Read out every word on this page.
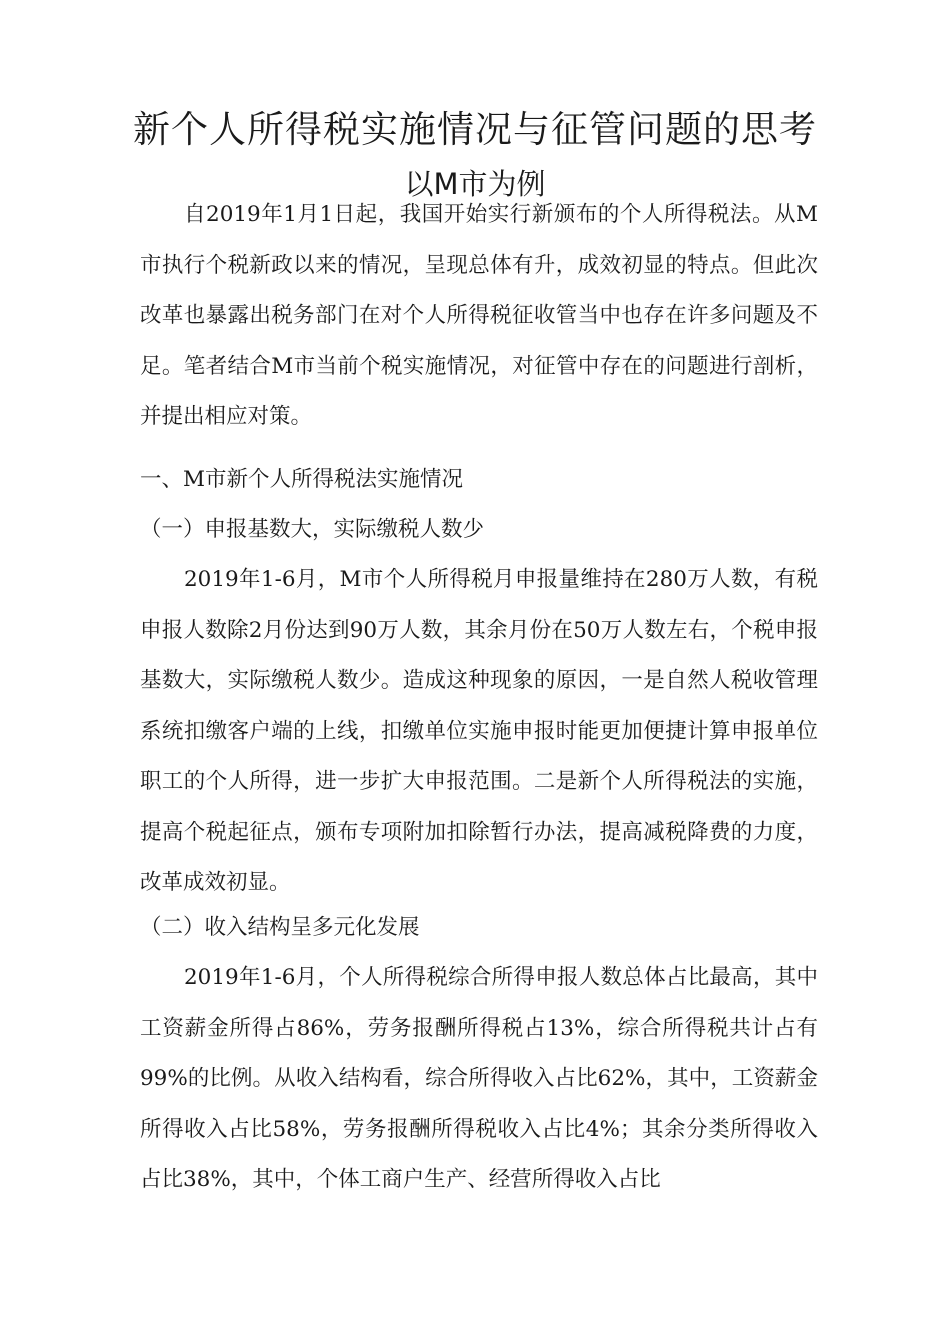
新个人所得税实施情况与征管问题的思考
以M市为例

自2019年1月1日起，我国开始实行新颁布的个人所得税法。从M市执行个税新政以来的情况，呈现总体有升，成效初显的特点。但此次改革也暴露出税务部门在对个人所得税征收管当中也存在许多问题及不足。笔者结合M市当前个税实施情况，对征管中存在的问题进行剖析，并提出相应对策。

一、M市新个人所得税法实施情况
（一）申报基数大，实际缴税人数少

2019年1-6月，M市个人所得税月申报量维持在280万人数，有税申报人数除2月份达到90万人数，其余月份在50万人数左右，个税申报基数大，实际缴税人数少。造成这种现象的原因，一是自然人税收管理系统扣缴客户端的上线，扣缴单位实施申报时能更加便捷计算申报单位职工的个人所得，进一步扩大申报范围。二是新个人所得税法的实施，提高个税起征点，颁布专项附加扣除暂行办法，提高减税降费的力度，改革成效初显。

（二）收入结构呈多元化发展

2019年1-6月，个人所得税综合所得申报人数总体占比最高，其中工资薪金所得占86%，劳务报酬所得税占13%，综合所得税共计占有99%的比例。从收入结构看，综合所得收入占比62%，其中，工资薪金所得收入占比58%，劳务报酬所得税收入占比4%；其余分类所得收入占比38%，其中，个体工商户生产、经营所得收入占比
